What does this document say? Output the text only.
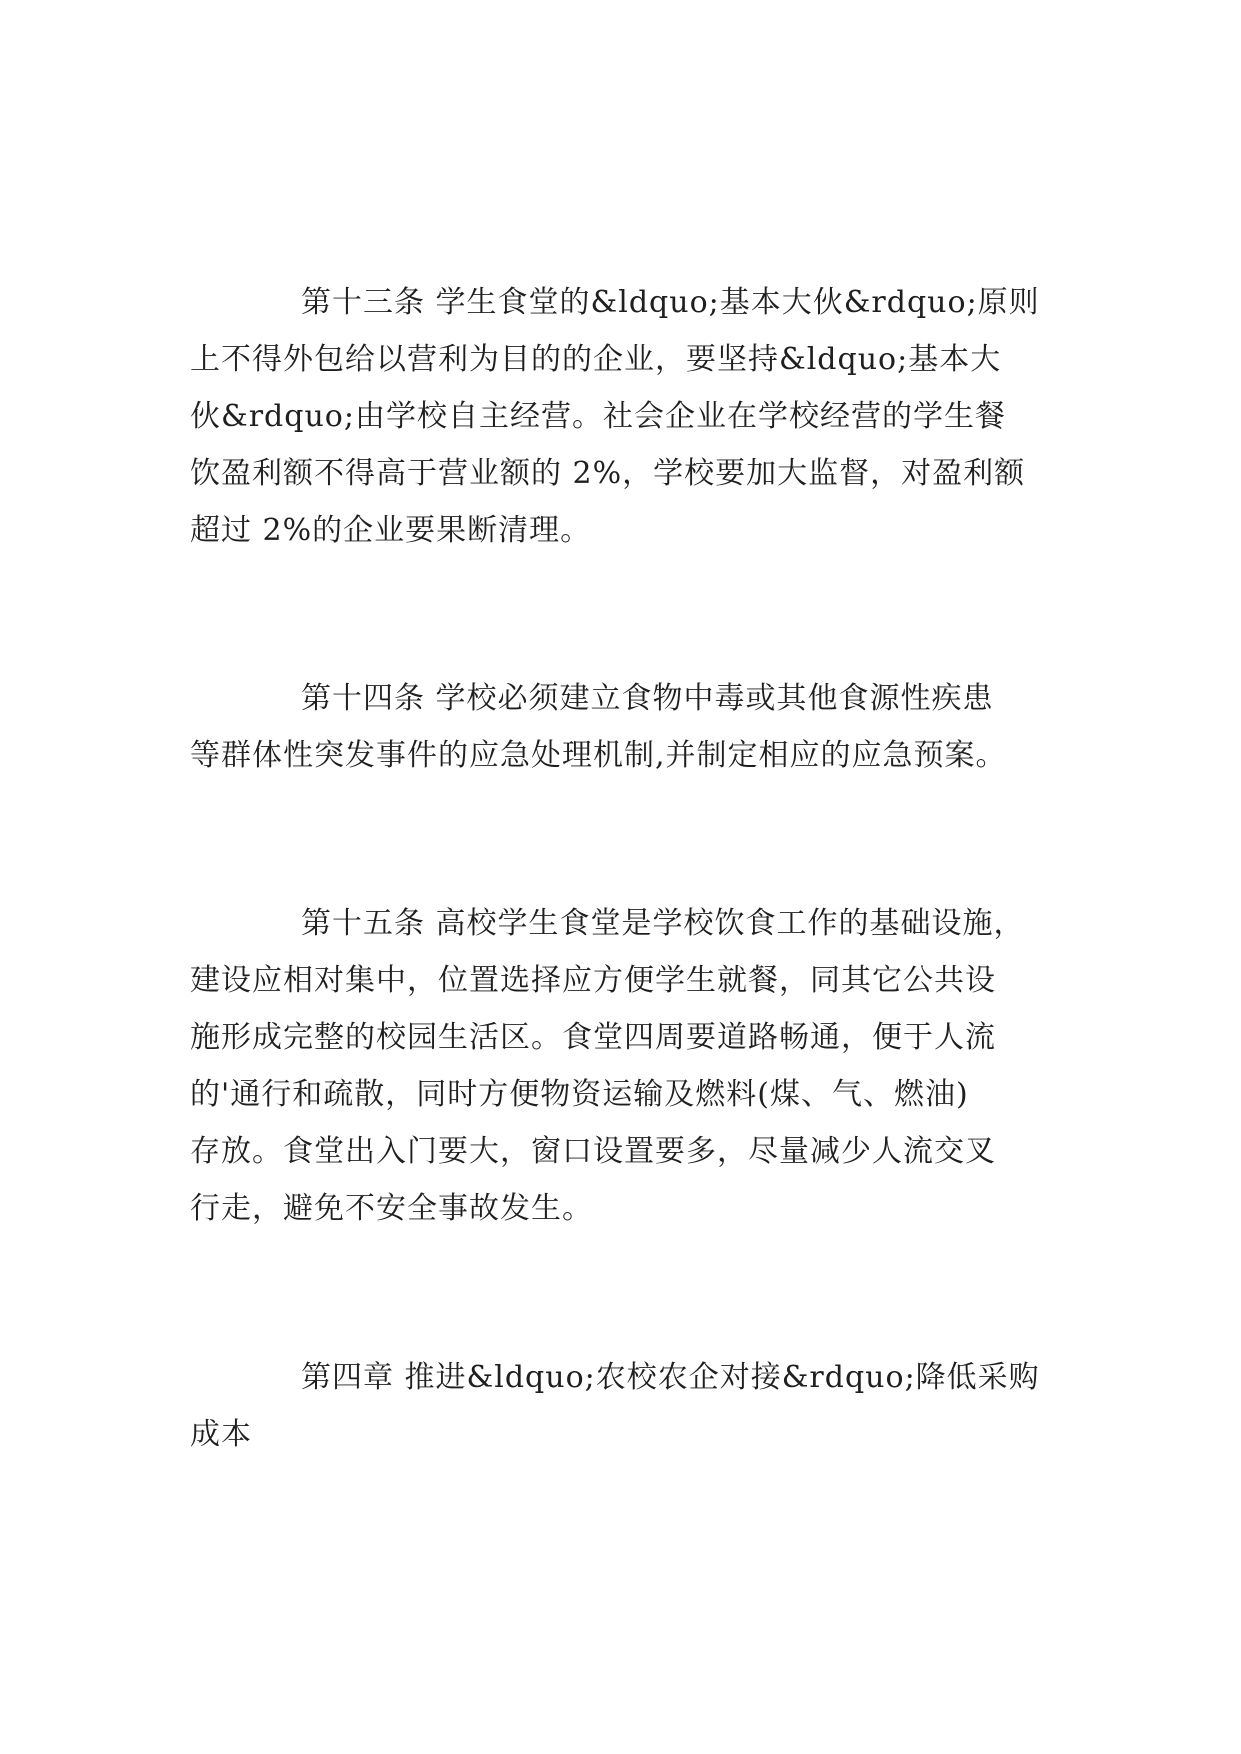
第十三条 学生食堂的&ldquo;基本大伙&rdquo;原则

上不得外包给以营利为目的的企业，要坚持&ldquo;基本大

伙&rdquo;由学校自主经营。社会企业在学校经营的学生餐

饮盈利额不得高于营业额的 2%，学校要加大监督，对盈利额

超过 2%的企业要果断清理。

第十四条 学校必须建立食物中毒或其他食源性疾患

等群体性突发事件的应急处理机制,并制定相应的应急预案。

第十五条 高校学生食堂是学校饮食工作的基础设施，

建设应相对集中，位置选择应方便学生就餐，同其它公共设

施形成完整的校园生活区。食堂四周要道路畅通，便于人流

的'通行和疏散，同时方便物资运输及燃料(煤、气、燃油)

存放。食堂出入门要大，窗口设置要多，尽量减少人流交叉

行走，避免不安全事故发生。

第四章 推进&ldquo;农校农企对接&rdquo;降低采购

成本
